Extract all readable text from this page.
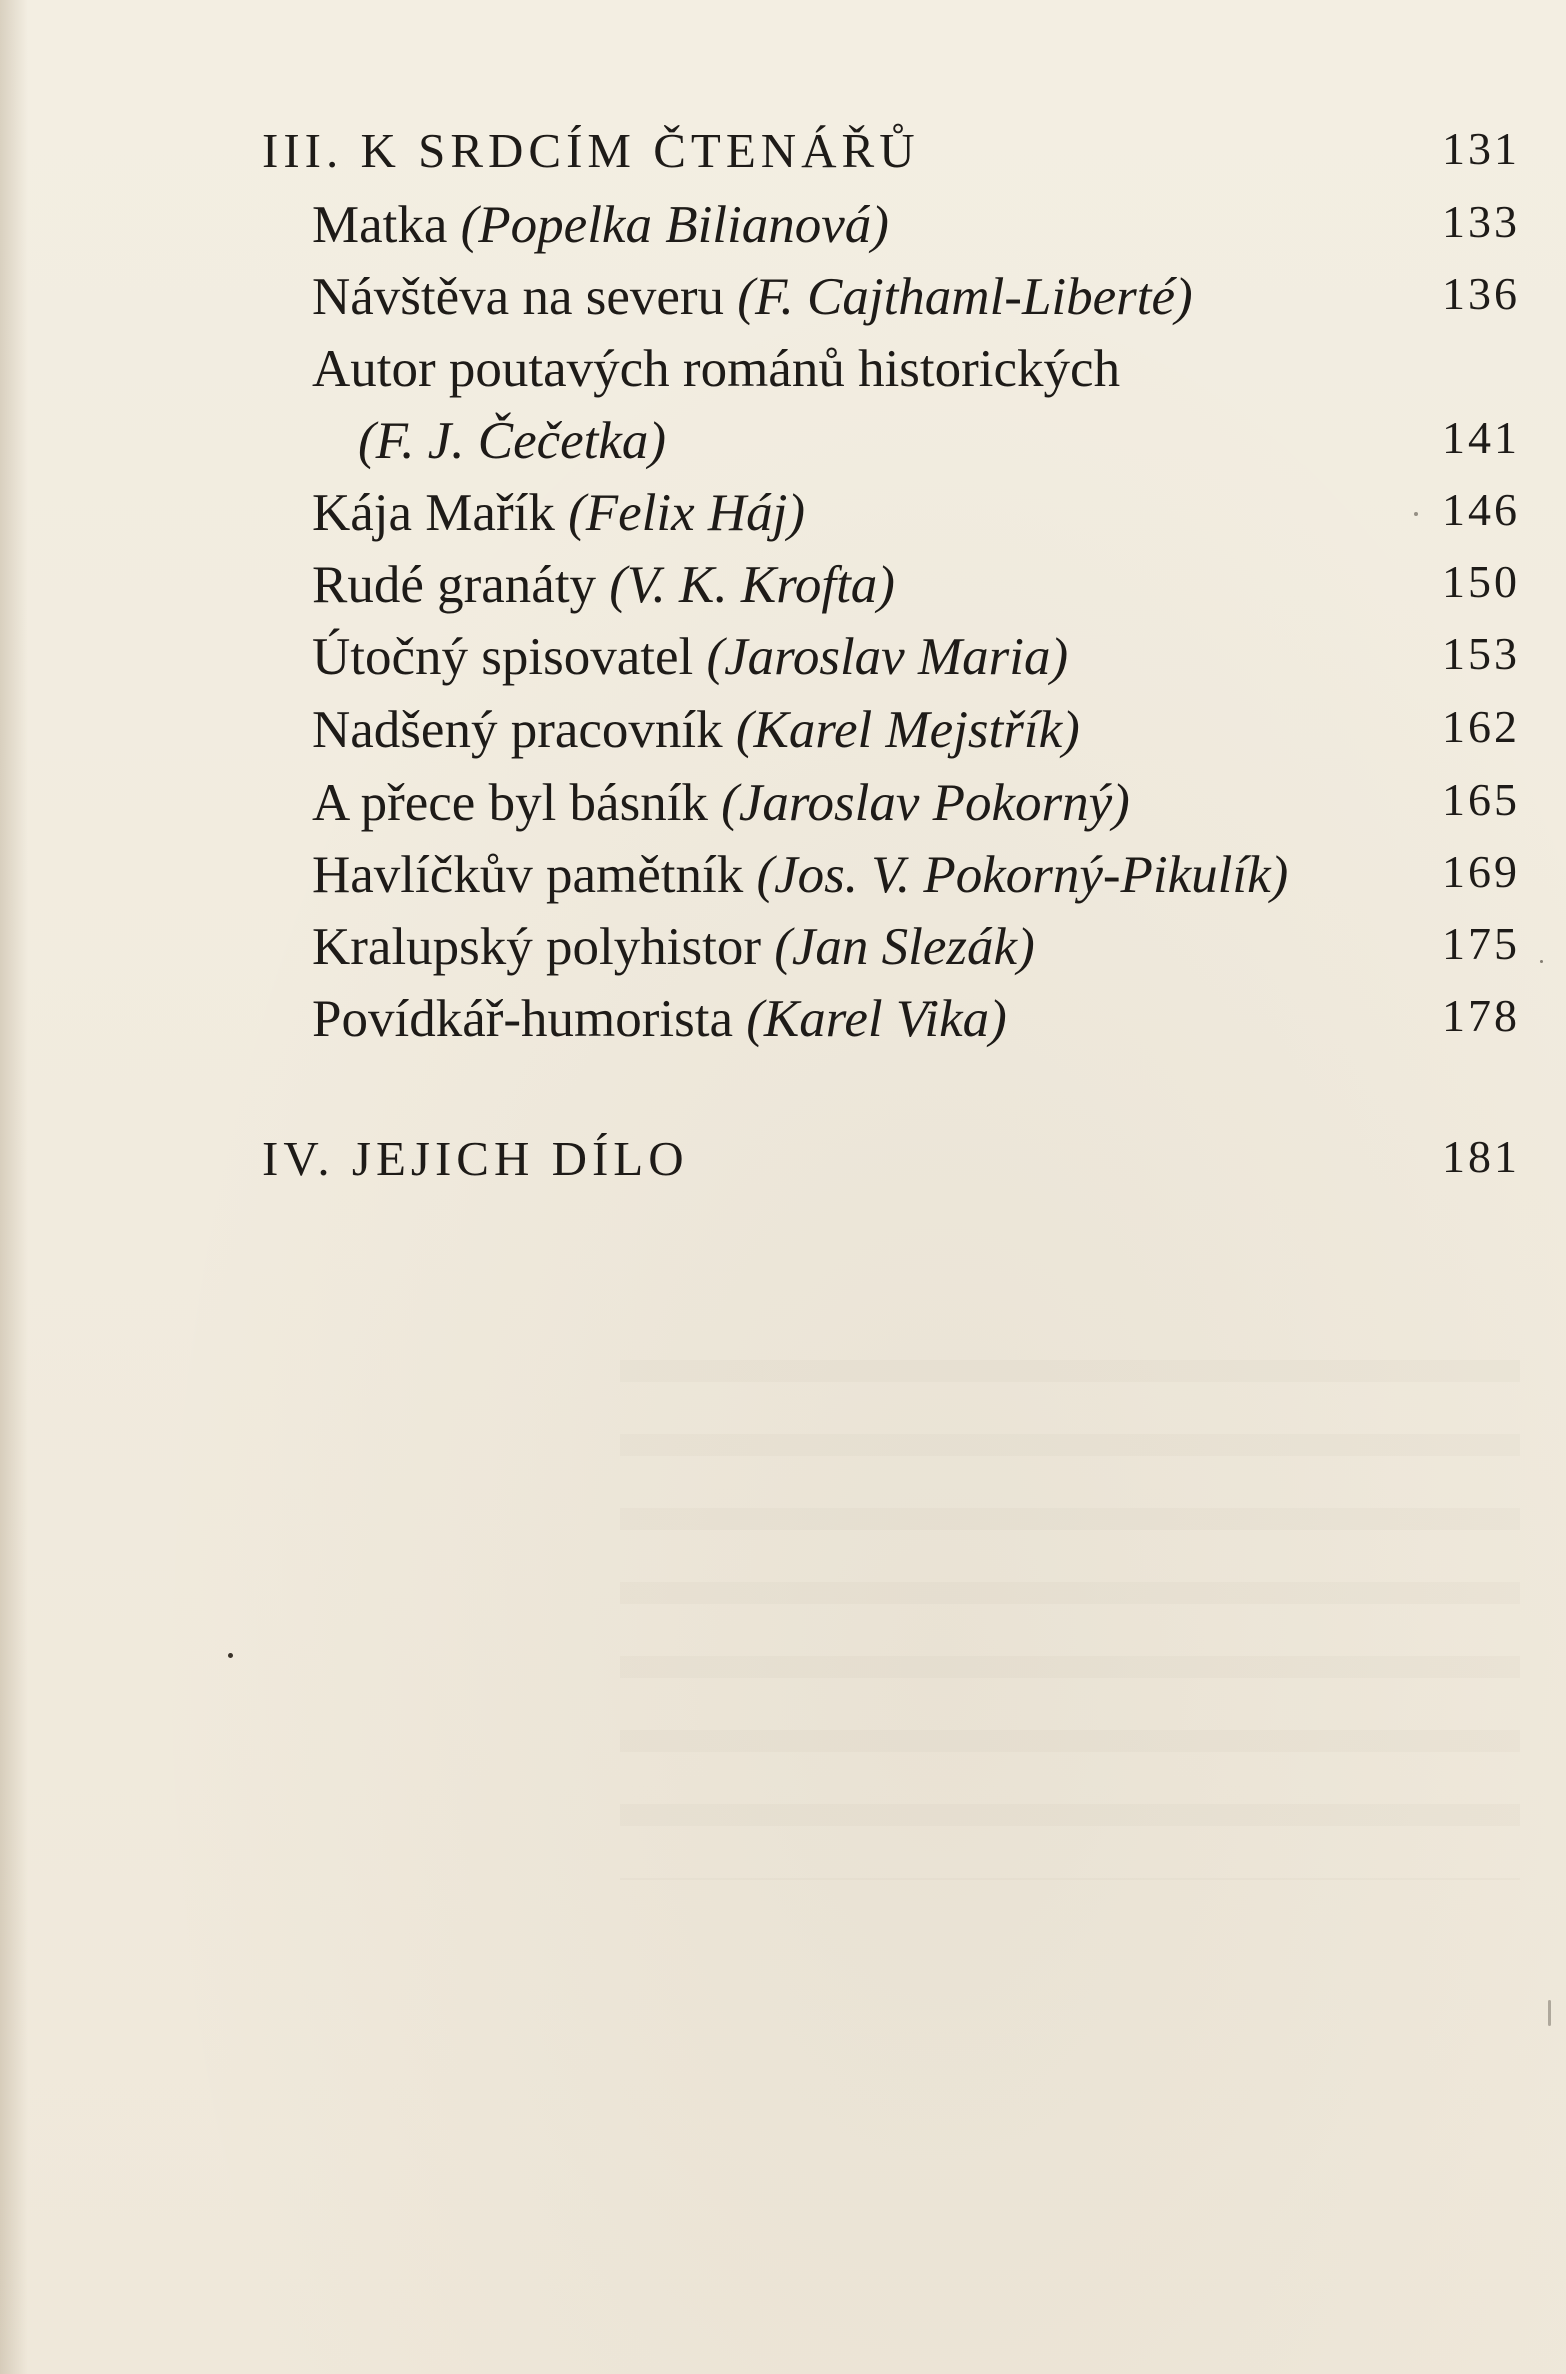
III. K SRDCÍM ČTENÁŘŮ	131
Matka (Popelka Bilianová)	133
Návštěva na severu (F. Cajthaml-Liberté)	136
Autor poutavých románů historických
(F. J. Čečetka)	141
Kája Mařík (Felix Háj)	146
Rudé granáty (V. K. Krofta)	150
Útočný spisovatel (Jaroslav Maria)	153
Nadšený pracovník (Karel Mejstřík)	162
A přece byl básník (Jaroslav Pokorný)	165
Havlíčkův pamětník (Jos. V. Pokorný-Pikulík)	169
Kralupský polyhistor (Jan Slezák)	175
Povídkář-humorista (Karel Vika)	178
IV. JEJICH DÍLO	181
